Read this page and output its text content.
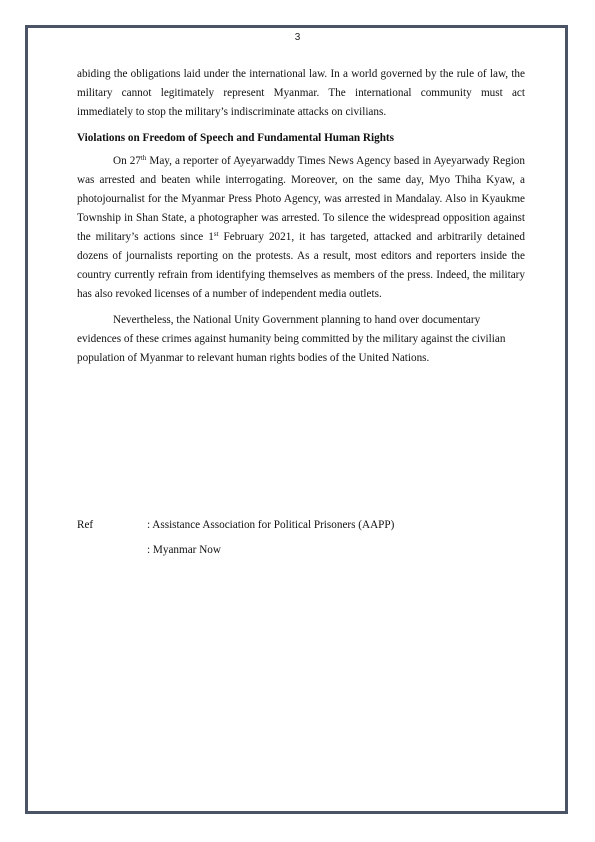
3

abiding the obligations laid under the international law. In a world governed by the rule of law, the military cannot legitimately represent Myanmar. The international community must act immediately to stop the military’s indiscriminate attacks on civilians.

Violations on Freedom of Speech and Fundamental Human Rights

On 27th May, a reporter of Ayeyarwaddy Times News Agency based in Ayeyarwady Region was arrested and beaten while interrogating. Moreover, on the same day, Myo Thiha Kyaw, a photojournalist for the Myanmar Press Photo Agency, was arrested in Mandalay. Also in Kyaukme Township in Shan State, a photographer was arrested. To silence the widespread opposition against the military’s actions since 1st February 2021, it has targeted, attacked and arbitrarily detained dozens of journalists reporting on the protests. As a result, most editors and reporters inside the country currently refrain from identifying themselves as members of the press. Indeed, the military has also revoked licenses of a number of independent media outlets.

Nevertheless, the National Unity Government planning to hand over documentary evidences of these crimes against humanity being committed by the military against the civilian population of Myanmar to relevant human rights bodies of the United Nations.

Ref	: Assistance Association for Political Prisoners (AAPP)
: Myanmar Now
